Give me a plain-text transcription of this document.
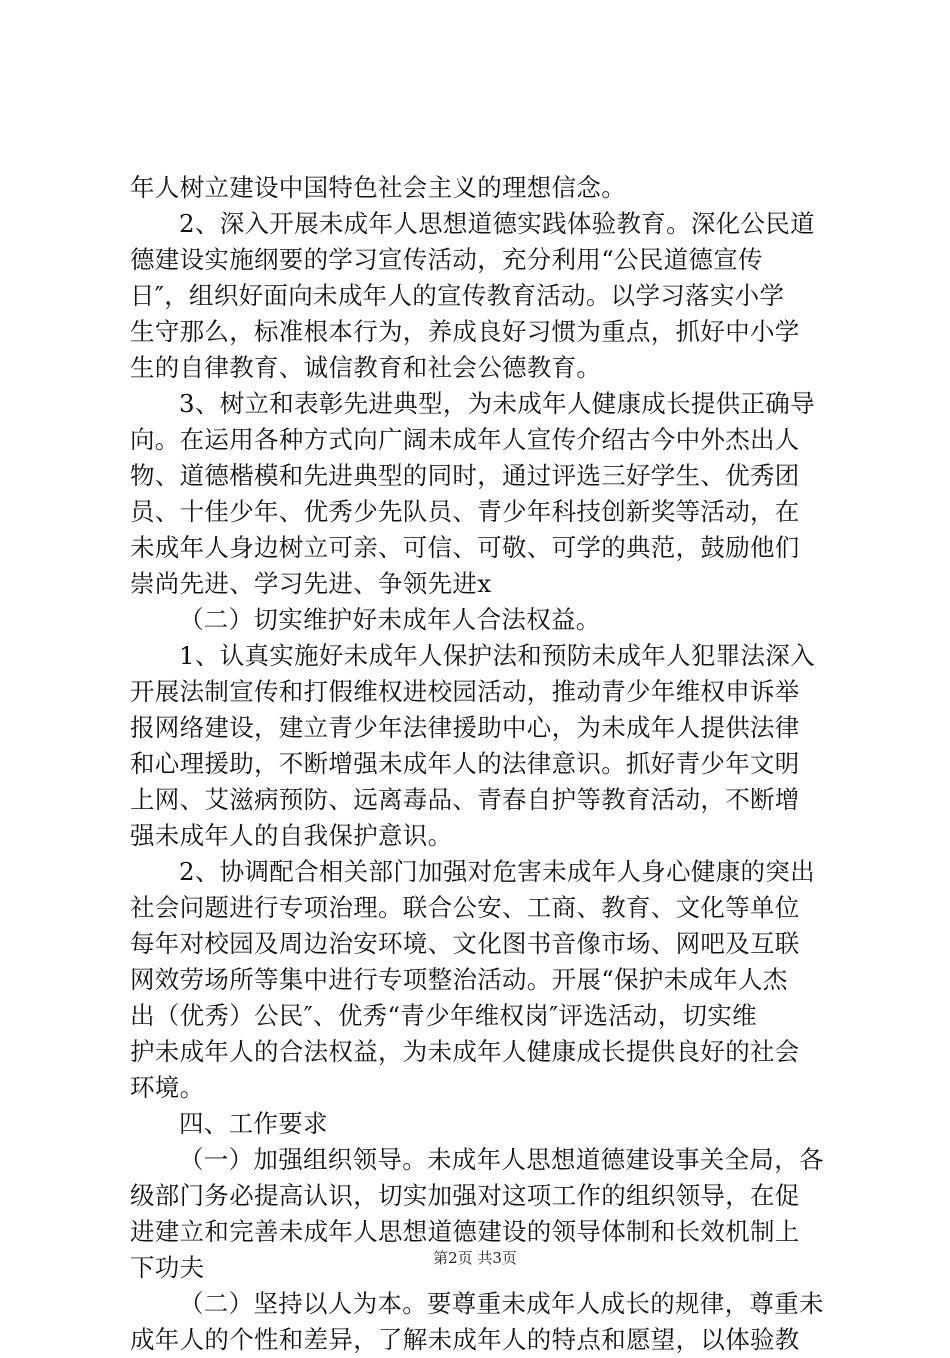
年人树立建设中国特色社会主义的理想信念。
2、深入开展未成年人思想道德实践体验教育。深化公民道
德建设实施纲要的学习宣传活动，充分利用“公民道德宣传
日″，组织好面向未成年人的宣传教育活动。以学习落实小学
生守那么，标准根本行为，养成良好习惯为重点，抓好中小学
生的自律教育、诚信教育和社会公德教育。
3、树立和表彰先进典型，为未成年人健康成长提供正确导
向。在运用各种方式向广阔未成年人宣传介绍古今中外杰出人
物、道德楷模和先进典型的同时，通过评选三好学生、优秀团
员、十佳少年、优秀少先队员、青少年科技创新奖等活动，在
未成年人身边树立可亲、可信、可敬、可学的典范，鼓励他们
崇尚先进、学习先进、争领先进x
（二）切实维护好未成年人合法权益。
1、认真实施好未成年人保护法和预防未成年人犯罪法深入
开展法制宣传和打假维权进校园活动，推动青少年维权申诉举
报网络建设，建立青少年法律援助中心，为未成年人提供法律
和心理援助，不断增强未成年人的法律意识。抓好青少年文明
上网、艾滋病预防、远离毒品、青春自护等教育活动，不断增
强未成年人的自我保护意识。
2、协调配合相关部门加强对危害未成年人身心健康的突出
社会问题进行专项治理。联合公安、工商、教育、文化等单位
每年对校园及周边治安环境、文化图书音像市场、网吧及互联
网效劳场所等集中进行专项整治活动。开展“保护未成年人杰
出（优秀）公民″、优秀“青少年维权岗″评选活动，切实维
护未成年人的合法权益，为未成年人健康成长提供良好的社会
环境。
四、工作要求
（一）加强组织领导。未成年人思想道德建设事关全局，各
级部门务必提高认识，切实加强对这项工作的组织领导，在促
进建立和完善未成年人思想道德建设的领导体制和长效机制上
下功夫
（二）坚持以人为本。要尊重未成年人成长的规律，尊重未
成年人的个性和差异，了解未成年人的特点和愿望，以体验教
第2页 共3页
